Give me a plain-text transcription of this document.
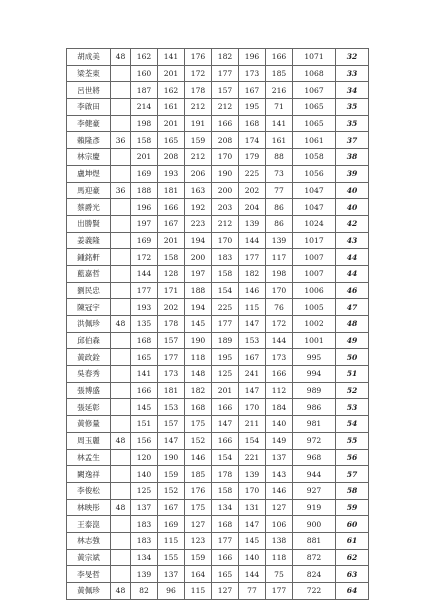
胡成美	48	162	141	176	182	196	166	1071	32
梁荃東		160	201	172	177	173	185	1068	33
呂世將		187	162	178	157	167	216	1067	34
李啟田		214	161	212	212	195	71	1065	35
李健豪		198	201	191	166	168	141	1065	35
賴隆彥	36	158	165	159	208	174	161	1061	37
林宗慶		201	208	212	170	179	88	1058	38
盧坤煜		169	193	206	190	225	73	1056	39
馬迎豪	36	188	181	163	200	202	77	1047	40
蔡爵光		196	166	192	203	204	86	1047	40
出勝賢		197	167	223	212	139	86	1024	42
姜義隆		169	201	194	170	144	139	1017	43
鍾銘軒		172	158	200	183	177	117	1007	44
藍嘉哲		144	128	197	158	182	198	1007	44
劉民忠		177	171	188	154	146	170	1006	46
陳冠宇		193	202	194	225	115	76	1005	47
洪佩珍	48	135	178	145	177	147	172	1002	48
邱伯森		168	157	190	189	153	144	1001	49
黃政銓		165	177	118	195	167	173	995	50
吳春秀		141	173	148	125	241	166	994	51
張博盛		166	181	182	201	147	112	989	52
張延彰		145	153	168	166	170	184	986	53
黃修量		151	157	175	147	211	140	981	54
周玉麗	48	156	147	152	166	154	149	972	55
林孟生		120	190	146	154	221	137	968	56
闕逸祥		140	159	185	178	139	143	944	57
李俊松		125	152	176	158	170	146	927	58
林映彤	48	137	167	175	134	131	127	919	59
王泰崑		183	169	127	168	147	106	900	60
林志強		183	115	123	177	145	138	881	61
黃宗斌		134	155	159	166	140	118	872	62
李旻哲		139	137	164	165	144	75	824	63
黃佩珍	48	82	96	115	127	77	177	722	64
